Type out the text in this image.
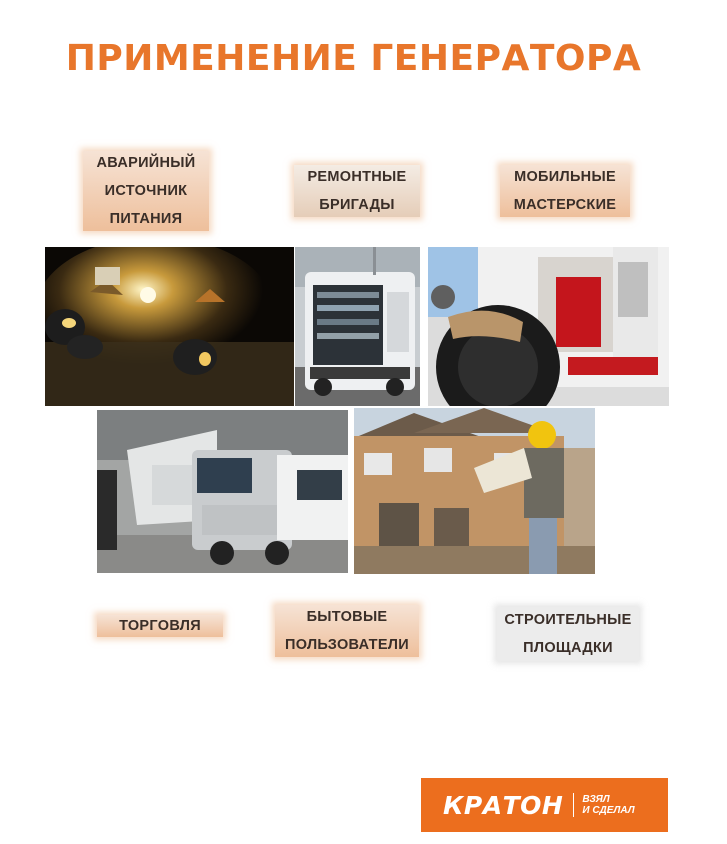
ПРИМЕНЕНИЕ ГЕНЕРАТОРА
АВАРИЙНЫЙ ИСТОЧНИК ПИТАНИЯ
РЕМОНТНЫЕ БРИГАДЫ
МОБИЛЬНЫЕ МАСТЕРСКИЕ
ТОРГОВЛЯ
БЫТОВЫЕ ПОЛЬЗОВАТЕЛИ
СТРОИТЕЛЬНЫЕ ПЛОЩАДКИ
КРАТОН ВЗЯЛ
И СДЕЛАЛ
